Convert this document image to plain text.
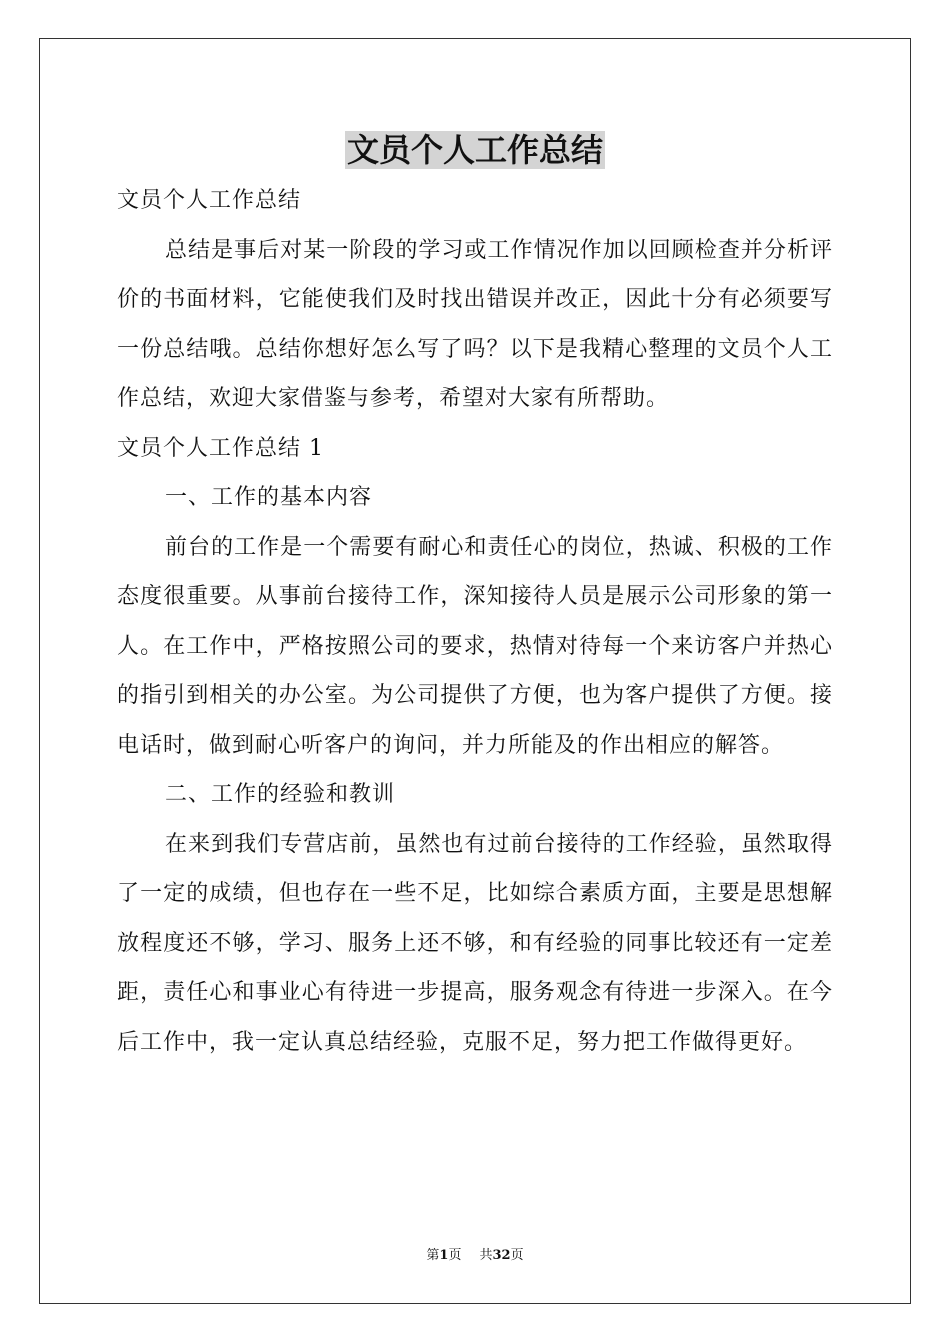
文员个人工作总结

文员个人工作总结

总结是事后对某一阶段的学习或工作情况作加以回顾检查并分析评价的书面材料，它能使我们及时找出错误并改正，因此十分有必须要写一份总结哦。总结你想好怎么写了吗？以下是我精心整理的文员个人工作总结，欢迎大家借鉴与参考，希望对大家有所帮助。

文员个人工作总结 1

一、工作的基本内容

前台的工作是一个需要有耐心和责任心的岗位，热诚、积极的工作态度很重要。从事前台接待工作，深知接待人员是展示公司形象的第一人。在工作中，严格按照公司的要求，热情对待每一个来访客户并热心的指引到相关的办公室。为公司提供了方便，也为客户提供了方便。接电话时，做到耐心听客户的询问，并力所能及的作出相应的解答。

二、工作的经验和教训

在来到我们专营店前，虽然也有过前台接待的工作经验，虽然取得了一定的成绩，但也存在一些不足，比如综合素质方面，主要是思想解放程度还不够，学习、服务上还不够，和有经验的同事比较还有一定差距，责任心和事业心有待进一步提高，服务观念有待进一步深入。在今后工作中，我一定认真总结经验，克服不足，努力把工作做得更好。

第1页 共32页
